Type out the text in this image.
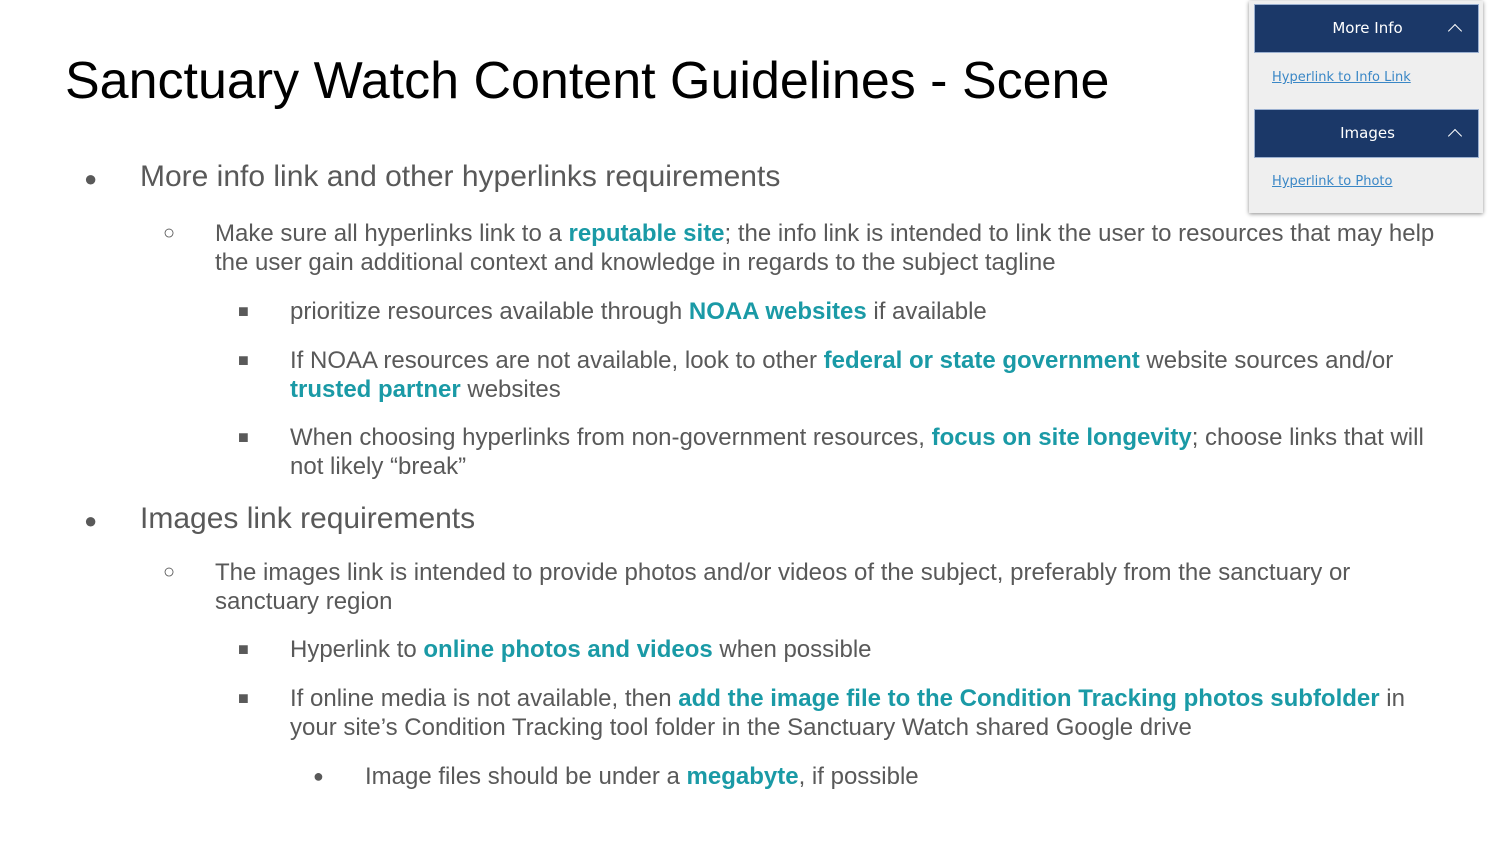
Sanctuary Watch Content Guidelines - Scene
● More info link and other hyperlinks requirements
○ Make sure all hyperlinks link to a reputable site; the info link is intended to link the user to resources that may help the user gain additional context and knowledge in regards to the subject tagline
■ prioritize resources available through NOAA websites if available
■ If NOAA resources are not available, look to other federal or state government website sources and/or trusted partner websites
■ When choosing hyperlinks from non-government resources, focus on site longevity; choose links that will not likely “break”
● Images link requirements
○ The images link is intended to provide photos and/or videos of the subject, preferably from the sanctuary or sanctuary region
■ Hyperlink to online photos and videos when possible
■ If online media is not available, then add the image file to the Condition Tracking photos subfolder in your site’s Condition Tracking tool folder in the Sanctuary Watch shared Google drive
● Image files should be under a megabyte, if possible
More Info
Hyperlink to Info Link
Images
Hyperlink to Photo
